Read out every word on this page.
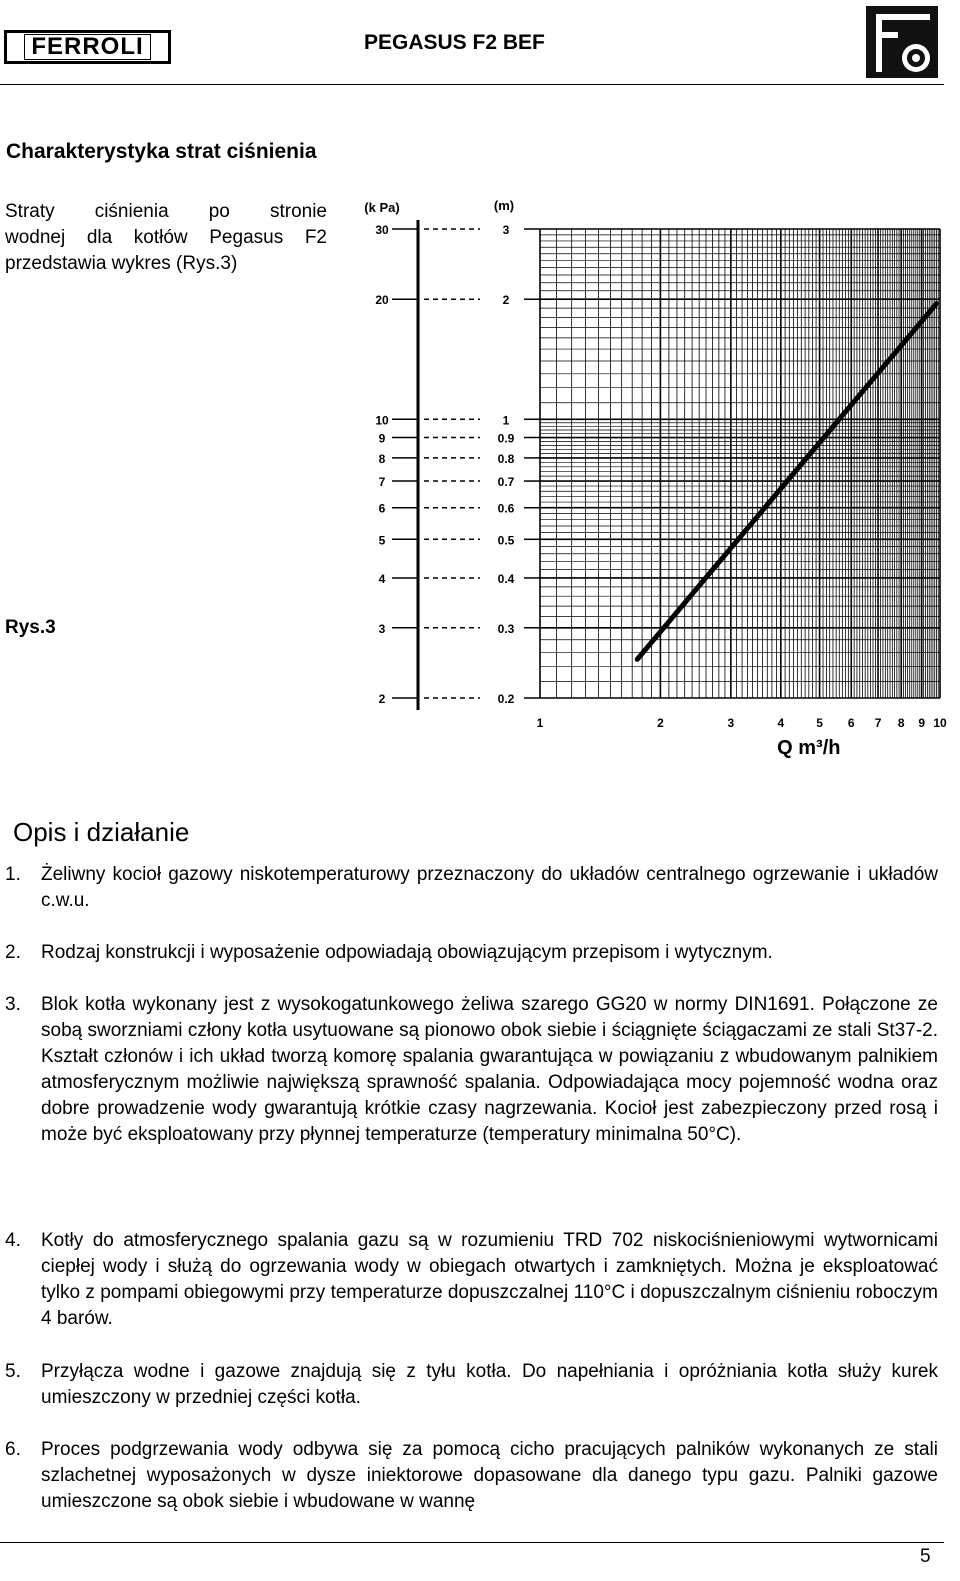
FERROLI	PEGASUS F2 BEF
Charakterystyka strat ciśnienia
Straty ciśnienia po stronie
wodnej dla kotłów Pegasus F2
przedstawia wykres (Rys.3)
Rys.3
30	3
20	2
10	1
9	0.9
8	0.8
7	0.7
6	0.6
5	0.5
4	0.4
3	0.3
2	0.2
(k Pa)	(m)
1	2	3	4	5 6 7 8 9 10
Q m³/h
Opis i działanie
1. Żeliwny kocioł gazowy niskotemperaturowy przeznaczony do układów centralnego ogrzewanie i układów c.w.u.
2. Rodzaj konstrukcji i wyposażenie odpowiadają obowiązującym przepisom i wytycznym.
3. Blok kotła wykonany jest z wysokogatunkowego żeliwa szarego GG20 w normy DIN1691. Połączone ze sobą sworzniami człony kotła usytuowane są pionowo obok siebie i ściągnięte ściągaczami ze stali St37-2. Kształt członów i ich układ tworzą komorę spalania gwarantująca w powiązaniu z wbudowanym palnikiem atmosferycznym możliwie największą sprawność spalania. Odpowiadająca mocy pojemność wodna oraz dobre prowadzenie wody gwarantują krótkie czasy nagrzewania. Kocioł jest zabezpieczony przed rosą i może być eksploatowany przy płynnej temperaturze (temperatury minimalna 50°C).
4. Kotły do atmosferycznego spalania gazu są w rozumieniu TRD 702 niskociśnieniowymi wytwornicami ciepłej wody i służą do ogrzewania wody w obiegach otwartych i zamkniętych. Można je eksploatować tylko z pompami obiegowymi przy temperaturze dopuszczalnej 110°C i dopuszczalnym ciśnieniu roboczym 4 barów.
5. Przyłącza wodne i gazowe znajdują się z tyłu kotła. Do napełniania i opróżniania kotła służy kurek umieszczony w przedniej części kotła.
6. Proces podgrzewania wody odbywa się za pomocą cicho pracujących palników wykonanych ze stali szlachetnej wyposażonych w dysze iniektorowe dopasowane dla danego typu gazu. Palniki gazowe umieszczone są obok siebie i wbudowane w wannę
5
